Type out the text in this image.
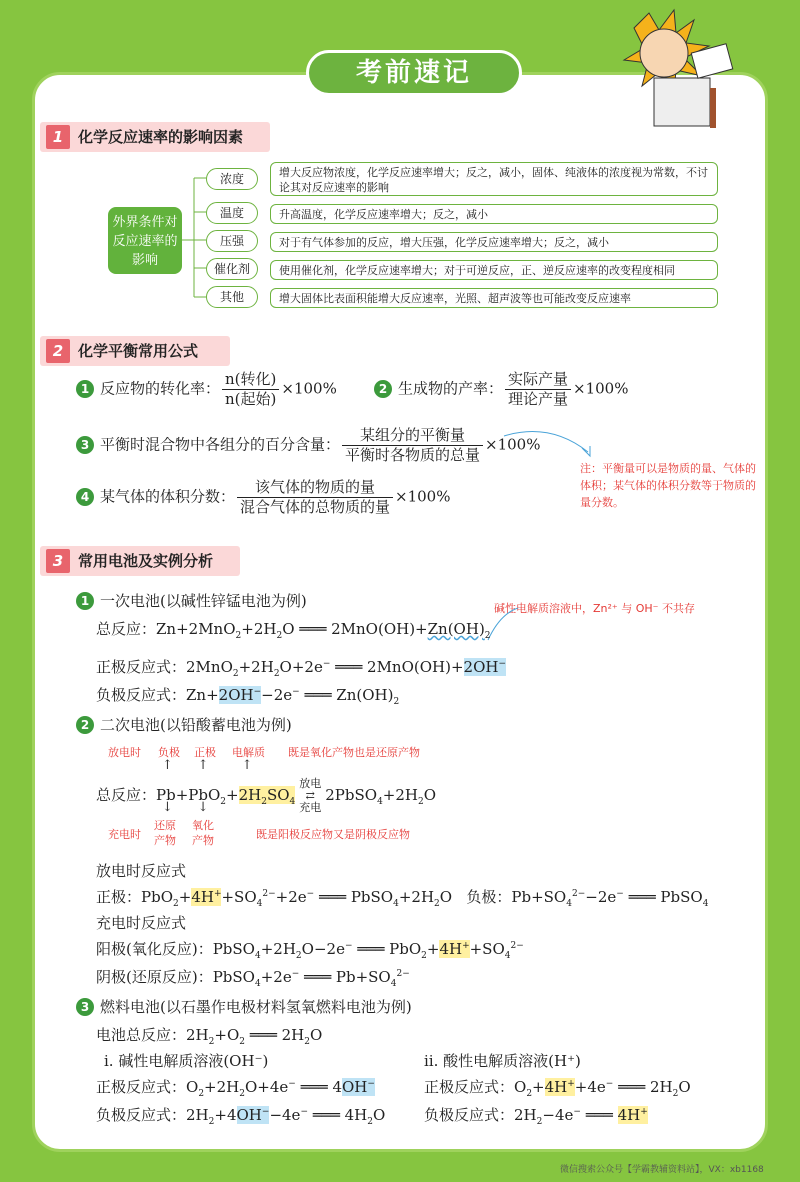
考前速记
1 化学反应速率的影响因素
外界条件对反应速率的影响
浓度	增大反应物浓度，化学反应速率增大；反之，减小，固体、纯液体的浓度视为常数，不讨论其对反应速率的影响
温度	升高温度，化学反应速率增大；反之，减小
压强	对于有气体参加的反应，增大压强，化学反应速率增大；反之，减小
催化剂	使用催化剂，化学反应速率增大；对于可逆反应，正、逆反应速率的改变程度相同
其他	增大固体比表面积能增大反应速率，光照、超声波等也可能改变反应速率
2 化学平衡常用公式
1 反应物的转化率： $\frac{\text{n(转化)}}{\text{n(起始)}} \times 100\%$	2 生成物的产率： $\frac{\text{实际产量}}{\text{理论产量}} \times 100\%$
3 平衡时混合物中各组分的百分含量： $\frac{\text{某组分的平衡量}}{\text{平衡时各物质的总量}} \times 100\%$
4 某气体的体积分数： $\frac{\text{该气体的物质的量}}{\text{混合气体的总物质的量}} \times 100\%$
注：平衡量可以是物质的量、气体的体积；某气体的体积分数等于物质的量分数。
3 常用电池及实例分析
1 一次电池(以碱性锌锰电池为例)	碱性电解质溶液中，Zn²⁺ 与 OH⁻ 不共存
总反应：$Zn+2MnO_2+2H_2O$ ═══ $2MnO(OH)+Zn(OH)_2$
正极反应式：$2MnO_2+2H_2O+2e^-$ ═══ 2MnO(OH)+2OH−
负极反应式：Zn+2OH−−2e− ═══ $Zn(OH)_2$
2 二次电池(以铅酸蓄电池为例)
放电时 负极 正极 电解质 既是氧化产物也是还原产物
↑      ↑        ↑
总反应：$Pb+PbO_2+2H_2SO_4$放电
⇄
充电$2PbSO_4+2H_2O$
↓      ↓
充电时
还原产物
氧化产物	既是阳极反应物又是阴极反应物
放电时反应式
正极：$PbO_2+4H^++SO_4^{2-}+2e^-$ ═══ $PbSO_4+2H_2O$   负极：$Pb+SO_4^{2-}-2e^-$ ═══ PbSO$_4$
充电时反应式
阳极(氧化反应)：$PbSO_4+2H_2O-2e^-$ ═══ $PbO_2+4H^++SO_4^{2-}$
阴极(还原反应)：PbSO$_4$+2e− ═══ $Pb+SO_4^{2-}$
3 燃料电池(以石墨作电极材料氢氧燃料电池为例)
电池总反应：$2H_2+O_2$ ═══ $2H_2O$
ⅰ. 碱性电解质溶液(OH⁻)	ⅱ. 酸性电解质溶液(H⁺)
正极反应式：$O_2+2H_2O+4e^-$ ═══ 4OH−	正极反应式：$O_2+4H^++4e^-$ ═══ $2H_2O$
负极反应式：$2H_2+4OH^--4e^-$ ═══ $4H_2O$	负极反应式：$2H_2-4e^-$ ═══ 4H+
微信搜索公众号【学霸教辅资料站】，VX：xb1168
